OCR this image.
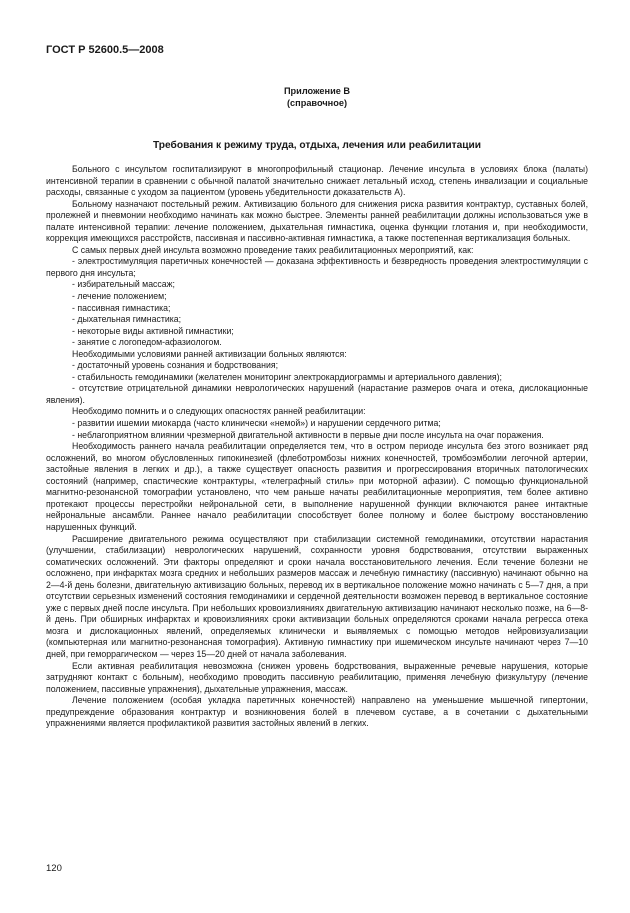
ГОСТ Р 52600.5—2008
Приложение В
(справочное)
Требования к режиму труда, отдыха, лечения или реабилитации

Больного с инсультом госпитализируют в многопрофильный стационар. Лечение инсульта в условиях блока (палаты) интенсивной терапии в сравнении с обычной палатой значительно снижает летальный исход, степень инвализации и социальные расходы, связанные с уходом за пациентом (уровень убедительности доказательств А).

Больному назначают постельный режим. Активизацию больного для снижения риска развития контрактур, суставных болей, пролежней и пневмонии необходимо начинать как можно быстрее. Элементы ранней реабилитации должны использоваться уже в палате интенсивной терапии: лечение положением, дыхательная гимнастика, оценка функции глотания и, при необходимости, коррекция имеющихся расстройств, пассивная и пассивно-активная гимнастика, а также постепенная вертикализация больных.

С самых первых дней инсульта возможно проведение таких реабилитационных мероприятий, как:

- электростимуляция паретичных конечностей — доказана эффективность и безвредность проведения электростимуляции с первого дня инсульта;
- избирательный массаж;
- лечение положением;
- пассивная гимнастика;
- дыхательная гимнастика;
- некоторые виды активной гимнастики;
- занятие с логопедом-афазиологом.

Необходимыми условиями ранней активизации больных являются:

- достаточный уровень сознания и бодрствования;
- стабильность гемодинамики (желателен мониторинг электрокардиограммы и артериального давления);
- отсутствие отрицательной динамики неврологических нарушений (нарастание размеров очага и отека, дислокационные явления).

Необходимо помнить и о следующих опасностях ранней реабилитации:

- развитии ишемии миокарда (часто клинически «немой») и нарушении сердечного ритма;
- неблагоприятном влиянии чрезмерной двигательной активности в первые дни после инсульта на очаг поражения.

Необходимость раннего начала реабилитации определяется тем, что в остром периоде инсульта без этого возникает ряд осложнений, во многом обусловленных гипокинезией (флеботромбозы нижних конечностей, тромбоэмболии легочной артерии, застойные явления в легких и др.), а также существует опасность развития и прогрессирования вторичных патологических состояний (например, спастические контрактуры, «телеграфный стиль» при моторной афазии). С помощью функциональной магнитно-резонансной томографии установлено, что чем раньше начаты реабилитационные мероприятия, тем более активно протекают процессы перестройки нейрональной сети, в выполнение нарушенной функции включаются ранее интактные нейрональные ансамбли. Раннее начало реабилитации способствует более полному и более быстрому восстановлению нарушенных функций.

Расширение двигательного режима осуществляют при стабилизации системной гемодинамики, отсутствии нарастания (улучшении, стабилизации) неврологических нарушений, сохранности уровня бодрствования, отсутствии выраженных соматических осложнений. Эти факторы определяют и сроки начала восстановительного лечения. Если течение болезни не осложнено, при инфарктах мозга средних и небольших размеров массаж и лечебную гимнастику (пассивную) начинают обычно на 2—4-й день болезни, двигательную активизацию больных, перевод их в вертикальное положение можно начинать с 5—7 дня, а при отсутствии серьезных изменений состояния гемодинамики и сердечной деятельности возможен перевод в вертикальное состояние уже с первых дней после инсульта. При небольших кровоизлияниях двигательную активизацию начинают несколько позже, на 6—8-й день. При обширных инфарктах и кровоизлияниях сроки активизации больных определяются сроками начала регресса отека мозга и дислокационных явлений, определяемых клинически и выявляемых с помощью методов нейровизуализации (компьютерная или магнитно-резонансная томография). Активную гимнастику при ишемическом инсульте начинают через 7—10 дней, при геморрагическом — через 15—20 дней от начала заболевания.

Если активная реабилитация невозможна (снижен уровень бодрствования, выраженные речевые нарушения, которые затрудняют контакт с больным), необходимо проводить пассивную реабилитацию, применяя лечебную физкультуру (лечение положением, пассивные упражнения), дыхательные упражнения, массаж.

Лечение положением (особая укладка паретичных конечностей) направлено на уменьшение мышечной гипертонии, предупреждение образования контрактур и возникновения болей в плечевом суставе, а в сочетании с дыхательными упражнениями является профилактикой развития застойных явлений в легких.

120
